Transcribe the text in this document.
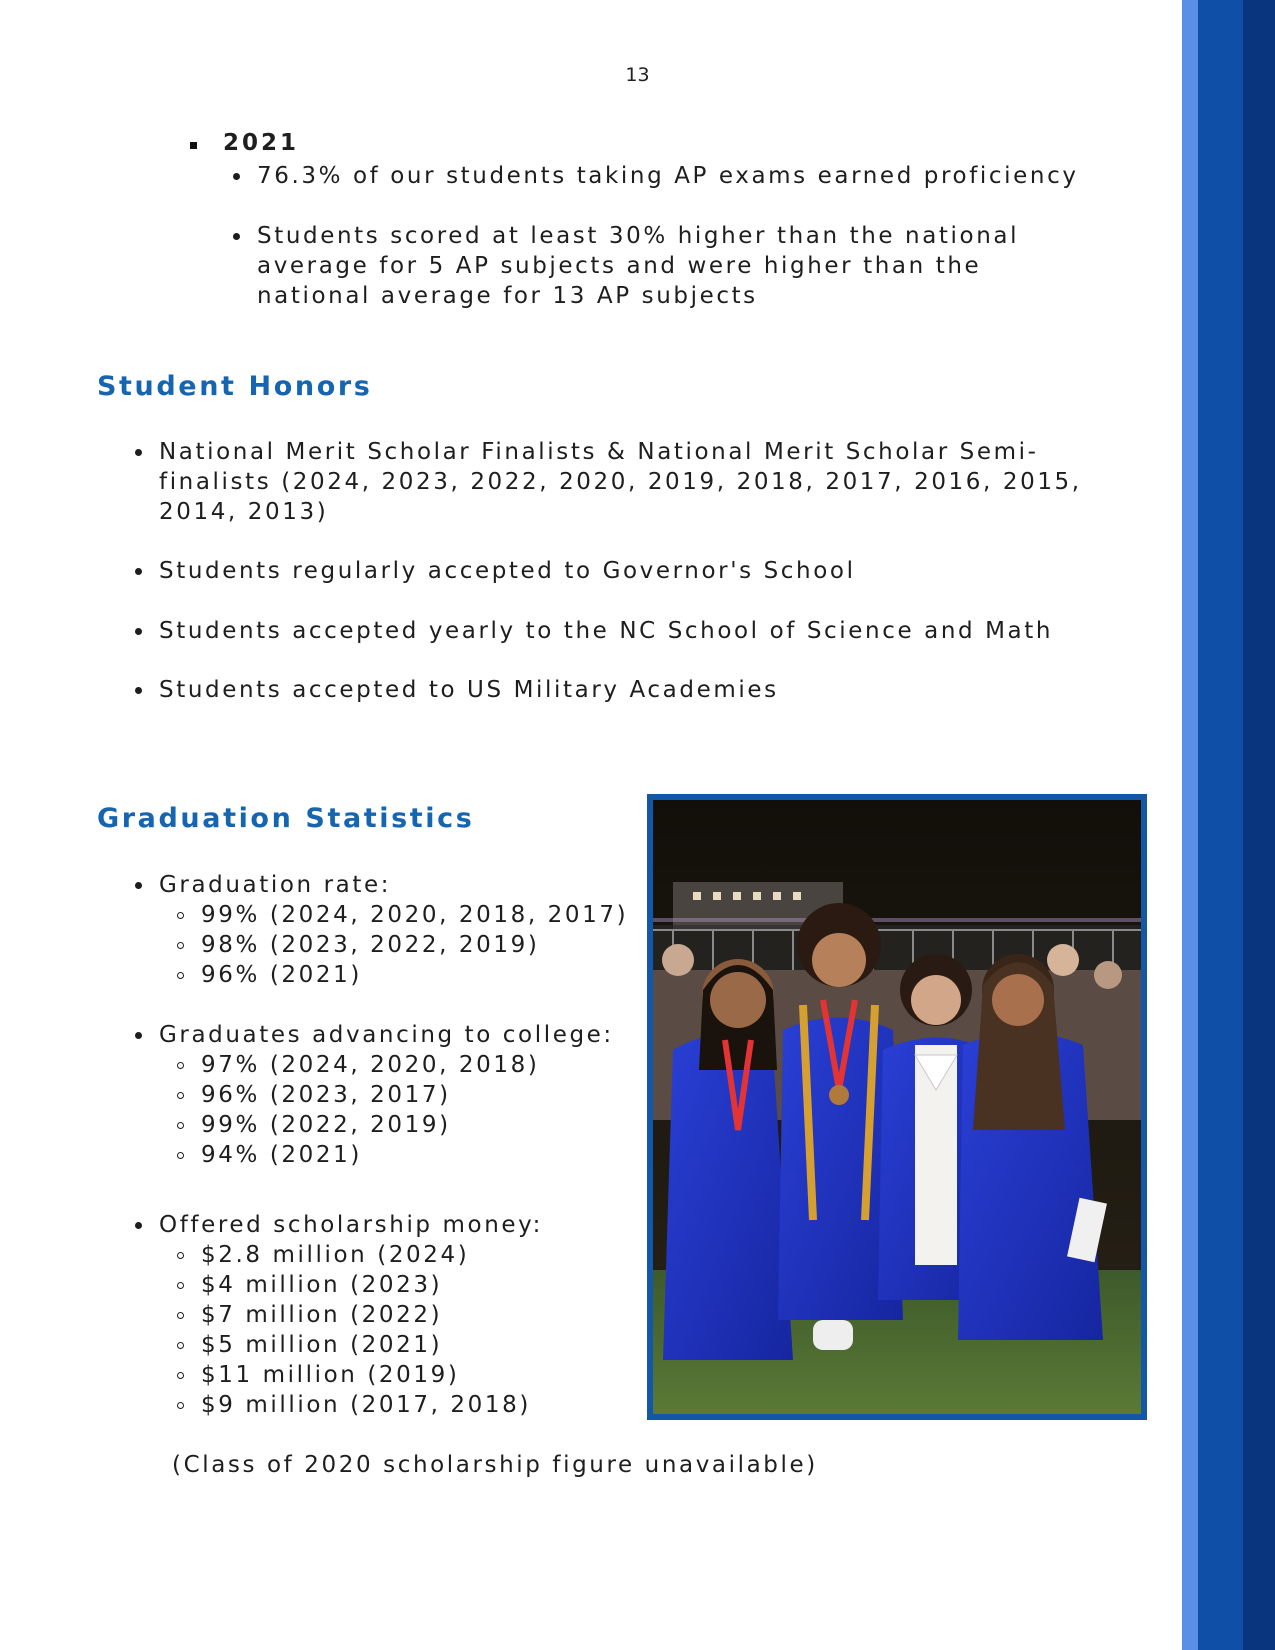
13
2021
76.3% of our students taking AP exams earned proficiency
Students scored at least 30% higher than the national
average for 5 AP subjects and were higher than the
national average for 13 AP subjects
Student Honors
National Merit Scholar Finalists & National Merit Scholar Semi-
finalists (2024, 2023, 2022, 2020, 2019, 2018, 2017, 2016, 2015,
2014, 2013)
Students regularly accepted to Governor's School
Students accepted yearly to the NC School of Science and Math
Students accepted to US Military Academies
Graduation Statistics
Graduation rate:
99% (2024, 2020, 2018, 2017)
98% (2023, 2022, 2019)
96% (2021)
Graduates advancing to college:
97% (2024, 2020, 2018)
96% (2023, 2017)
99% (2022, 2019)
94% (2021)
Offered scholarship money:
$2.8 million (2024)
$4 million (2023)
$7 million (2022)
$5 million (2021)
$11 million (2019)
$9 million (2017, 2018)
(Class of 2020 scholarship figure unavailable)
